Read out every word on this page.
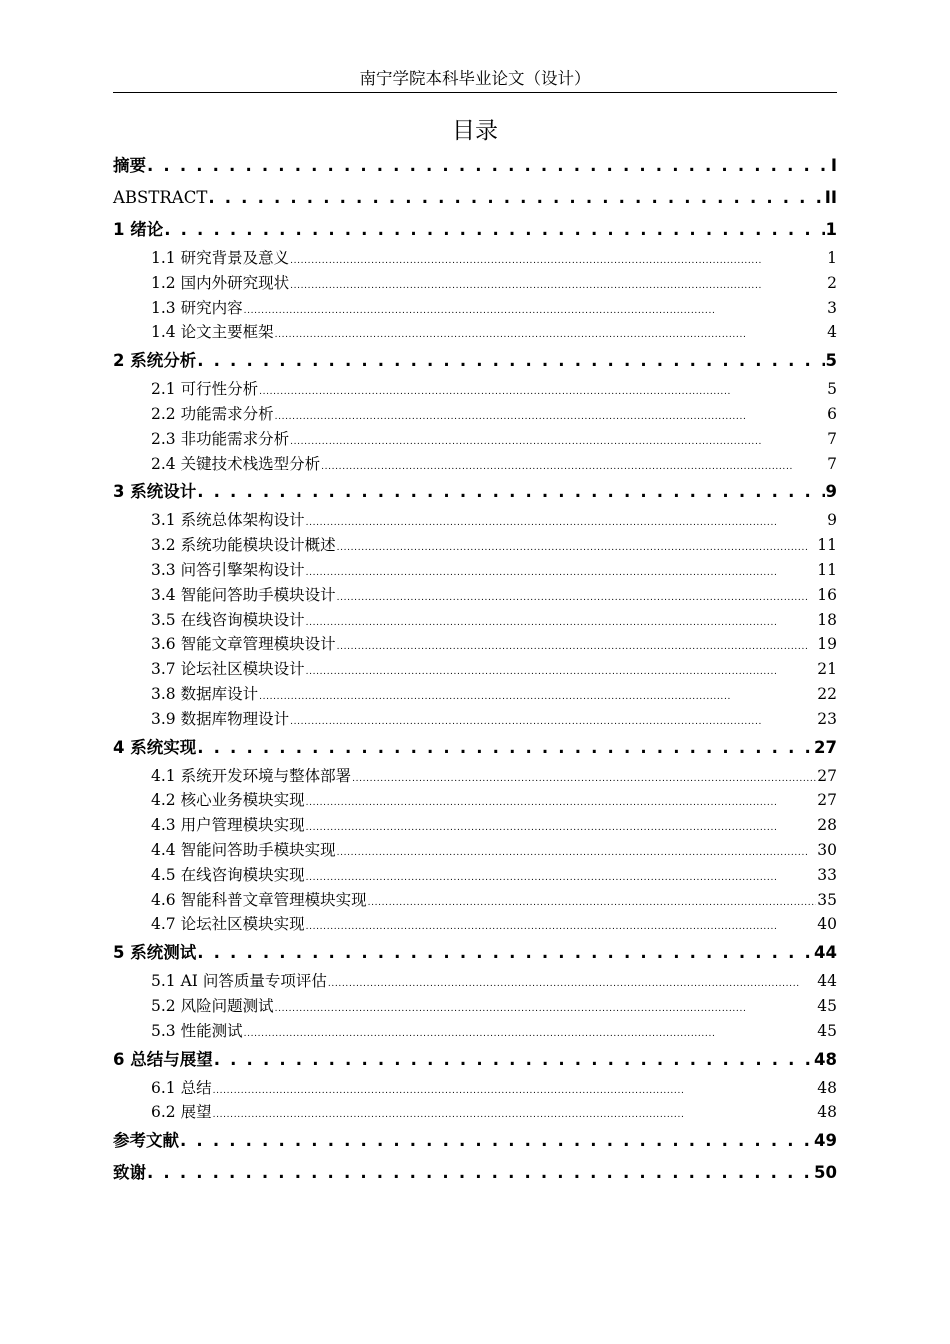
南宁学院本科毕业论文（设计）
目录
摘要 . . .	I
ABSTRACT . . .	II
1 绪论 . . .	1
1.1 研究背景及意义 . . .	1
1.2 国内外研究现状 . . .	2
1.3 研究内容 . . .	3
1.4 论文主要框架 . . .	4
2 系统分析 . . .	5
2.1 可行性分析 . . .	5
2.2 功能需求分析 . . .	6
2.3 非功能需求分析 . . .	7
2.4 关键技术栈选型分析 . . .	7
3 系统设计 . . .	9
3.1 系统总体架构设计 . . .	9
3.2 系统功能模块设计概述 . . .	11
3.3 问答引擎架构设计 . . .	11
3.4 智能问答助手模块设计 . . .	16
3.5 在线咨询模块设计 . . .	18
3.6 智能文章管理模块设计 . . .	19
3.7 论坛社区模块设计 . . .	21
3.8 数据库设计 . . .	22
3.9 数据库物理设计 . . .	23
4 系统实现 . . .	27
4.1 系统开发环境与整体部署 . . .	27
4.2 核心业务模块实现 . . .	27
4.3 用户管理模块实现 . . .	28
4.4 智能问答助手模块实现 . . .	30
4.5 在线咨询模块实现 . . .	33
4.6 智能科普文章管理模块实现 . . .	35
4.7 论坛社区模块实现 . . .	40
5 系统测试 . . .	44
5.1 AI 问答质量专项评估 . . .	44
5.2 风险问题测试 . . .	45
5.3 性能测试 . . .	45
6 总结与展望 . . .	48
6.1 总结 . . .	48
6.2 展望 . . .	48
参考文献 . . .	49
致谢 . . .	50
